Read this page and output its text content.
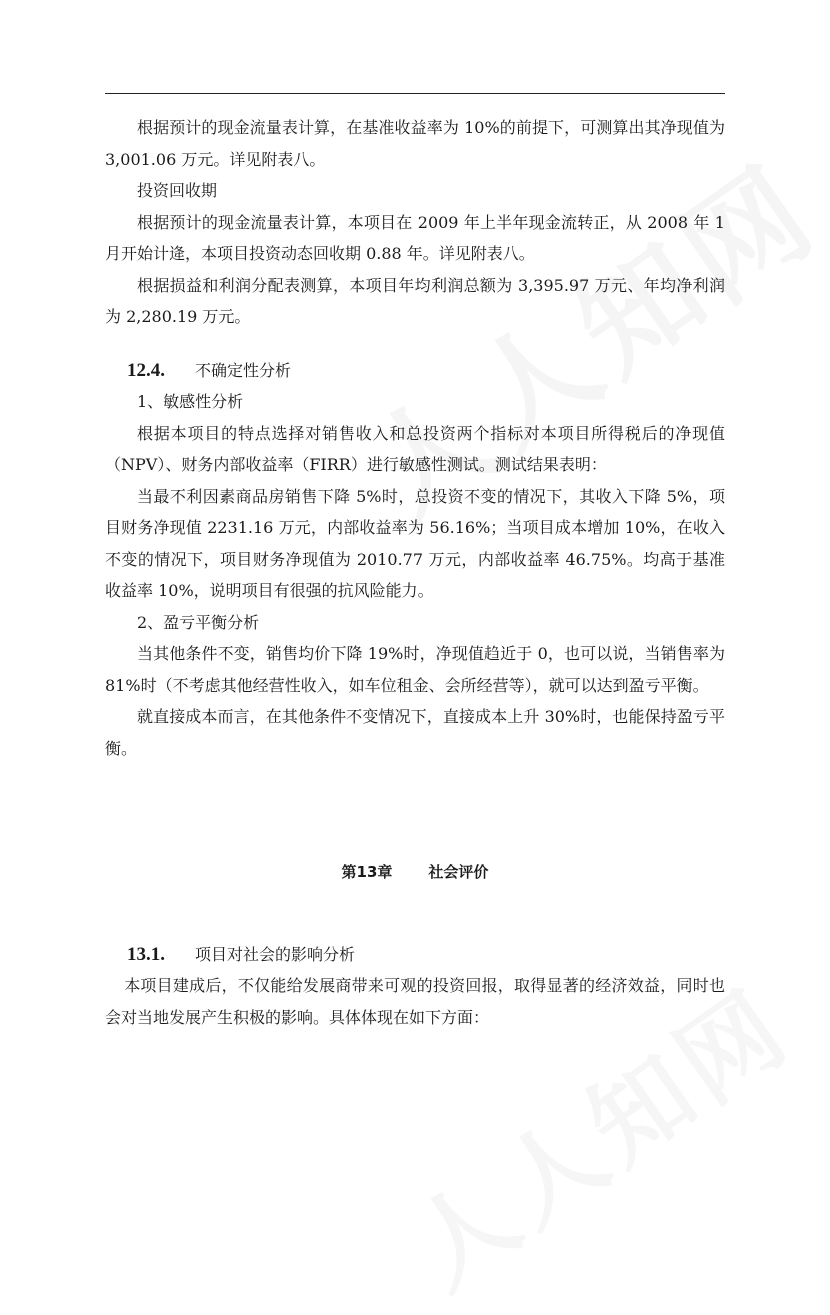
根据预计的现金流量表计算，在基准收益率为 10%的前提下，可测算出其净现值为 3,001.06 万元。详见附表八。

投资回收期

根据预计的现金流量表计算，本项目在 2009 年上半年现金流转正，从 2008 年 1 月开始计逄，本项目投资动态回收期 0.88 年。详见附表八。

根据损益和利润分配表测算，本项目年均利润总额为 3,395.97 万元、年均净利润为 2,280.19 万元。

12.4.	不确定性分析

1、敏感性分析

根据本项目的特点选择对销售收入和总投资两个指标对本项目所得税后的净现值（NPV）、财务内部收益率（FIRR）进行敏感性测试。测试结果表明：

当最不利因素商品房销售下降 5%时，总投资不变的情况下，其收入下降 5%，项目财务净现值 2231.16 万元，内部收益率为 56.16%；当项目成本增加 10%，在收入不变的情况下，项目财务净现值为 2010.77 万元，内部收益率 46.75%。均高于基准收益率 10%，说明项目有很强的抗风险能力。

2、盈亏平衡分析

当其他条件不变，销售均价下降 19%时，净现值趋近于 0，也可以说，当销售率为 81%时（不考虑其他经营性收入，如车位租金、会所经营等），就可以达到盈亏平衡。

就直接成本而言，在其他条件不变情况下，直接成本上升 30%时，也能保持盈亏平衡。

第13章 社会评价
13.1.	项目对社会的影响分析

本项目建成后，不仅能给发展商带来可观的投资回报，取得显著的经济效益，同时也会对当地发展产生积极的影响。具体体现在如下方面：
